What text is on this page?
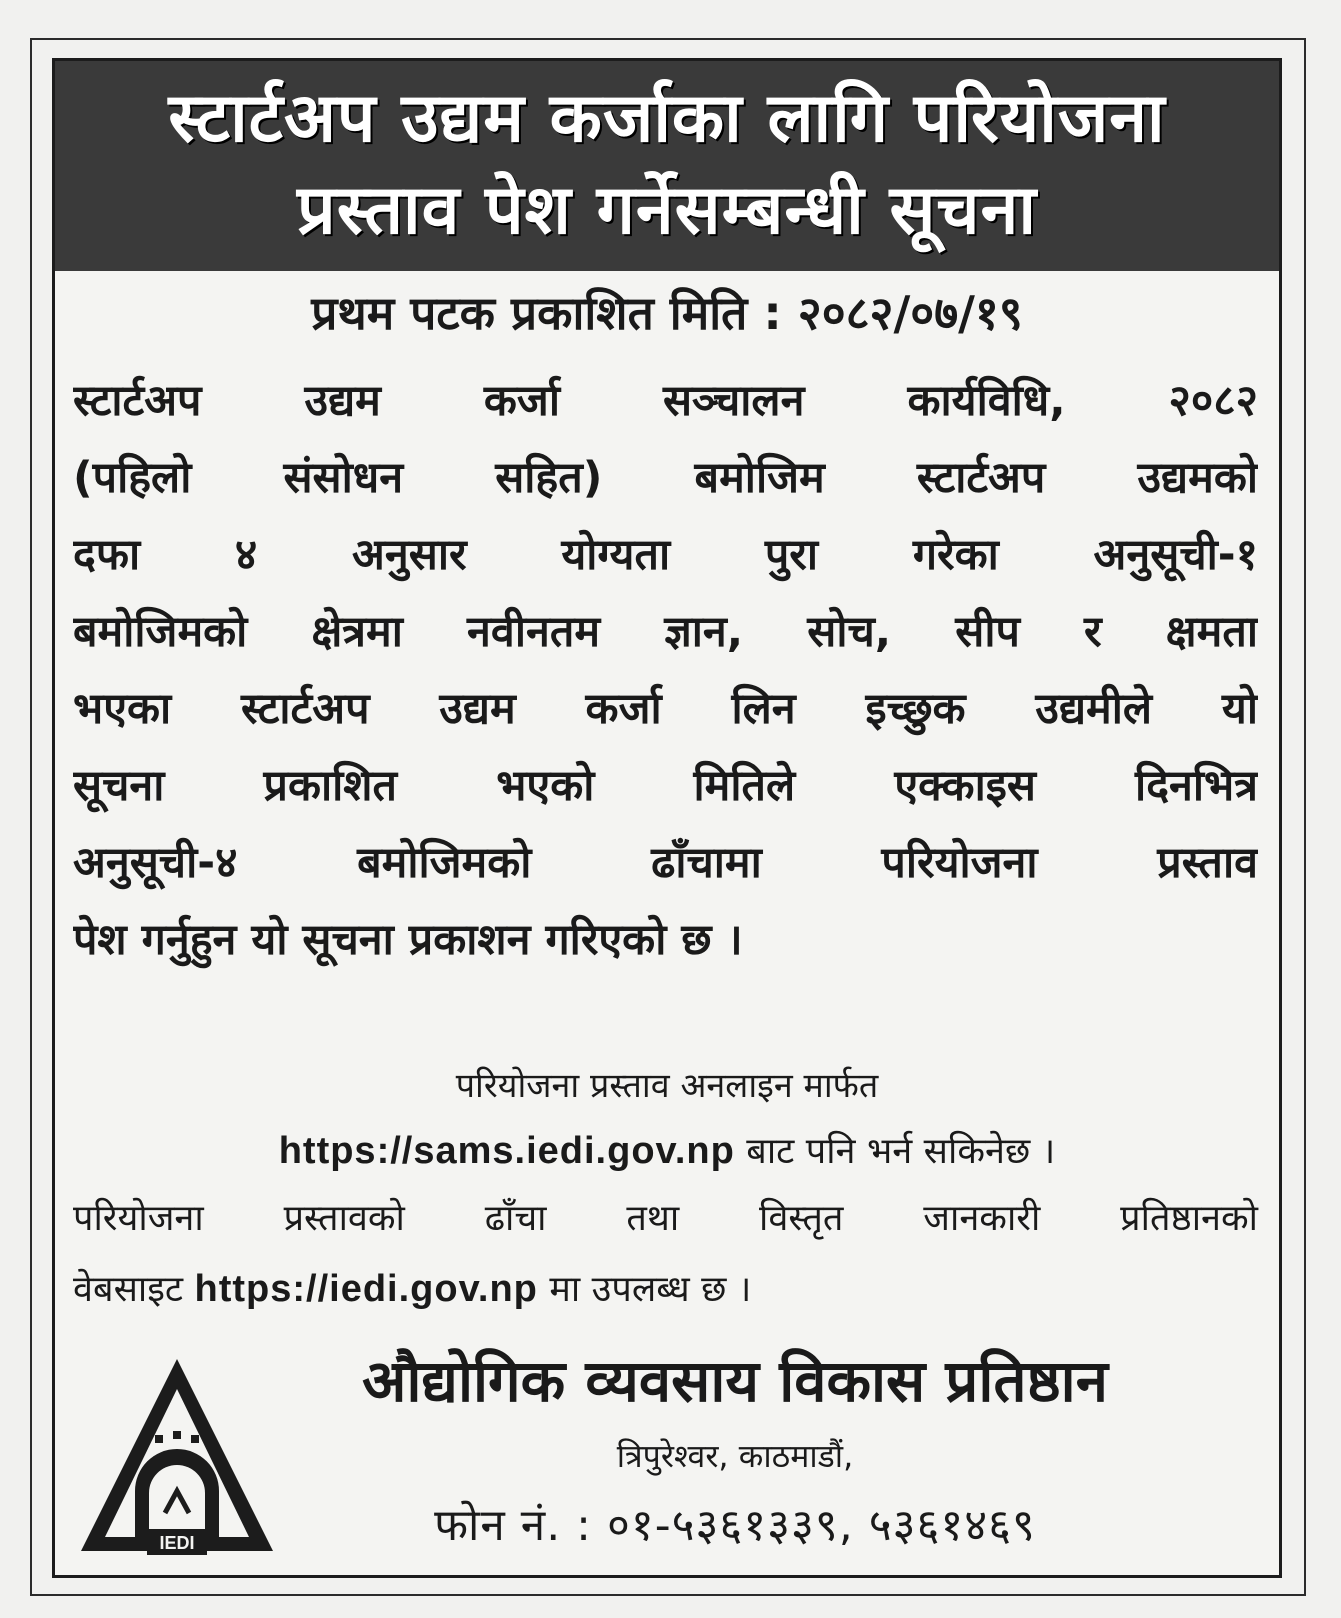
स्टार्टअप उद्यम कर्जाका लागि परियोजना
प्रस्ताव पेश गर्नेसम्बन्धी सूचना
प्रथम पटक प्रकाशित मिति : २०८२/०७/१९
स्टार्टअप उद्यम कर्जा सञ्चालन कार्यविधि, २०८२
(पहिलो संसोधन सहित) बमोजिम स्टार्टअप उद्यमको
दफा ४ अनुसार योग्यता पुरा गरेका अनुसूची-१
बमोजिमको क्षेत्रमा नवीनतम ज्ञान, सोच, सीप र क्षमता
भएका स्टार्टअप उद्यम कर्जा लिन इच्छुक उद्यमीले यो
सूचना प्रकाशित भएको मितिले एक्काइस दिनभित्र
अनुसूची-४ बमोजिमको ढाँचामा परियोजना प्रस्ताव
पेश गर्नुहुन यो सूचना प्रकाशन गरिएको छ ।
परियोजना प्रस्ताव अनलाइन मार्फत
https://sams.iedi.gov.np बाट पनि भर्न सकिनेछ ।
परियोजना प्रस्तावको ढाँचा तथा विस्तृत जानकारी प्रतिष्ठानको
वेबसाइट https://iedi.gov.np मा उपलब्ध छ ।
IEDI
औद्योगिक व्यवसाय विकास प्रतिष्ठान
त्रिपुरेश्वर, काठमाडौं,
फोन नं. : ०१-५३६१३३९, ५३६१४६९
